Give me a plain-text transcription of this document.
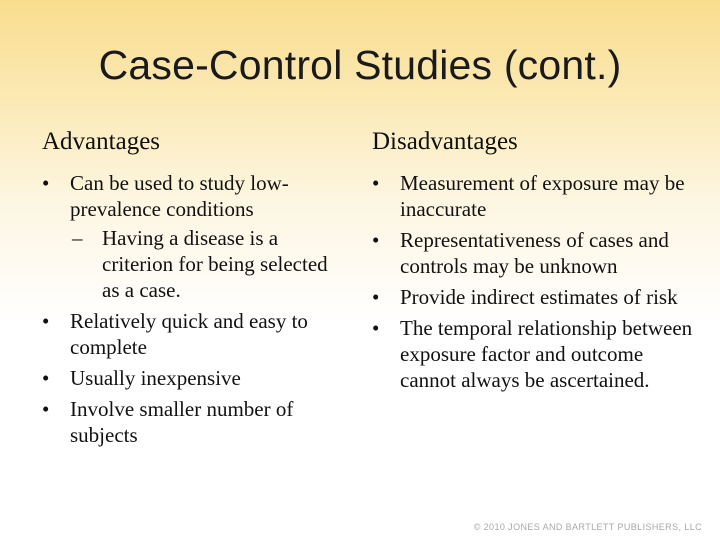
Case-Control Studies (cont.)
Advantages
• Can be used to study low-prevalence conditions
– Having a disease is a criterion for being selected as a case.
• Relatively quick and easy to complete
• Usually inexpensive
• Involve smaller number of subjects
Disadvantages
• Measurement of exposure may be inaccurate
• Representativeness of cases and controls may be unknown
• Provide indirect estimates of risk
• The temporal relationship between exposure factor and outcome cannot always be ascertained.
© 2010 JONES AND BARTLETT PUBLISHERS, LLC
